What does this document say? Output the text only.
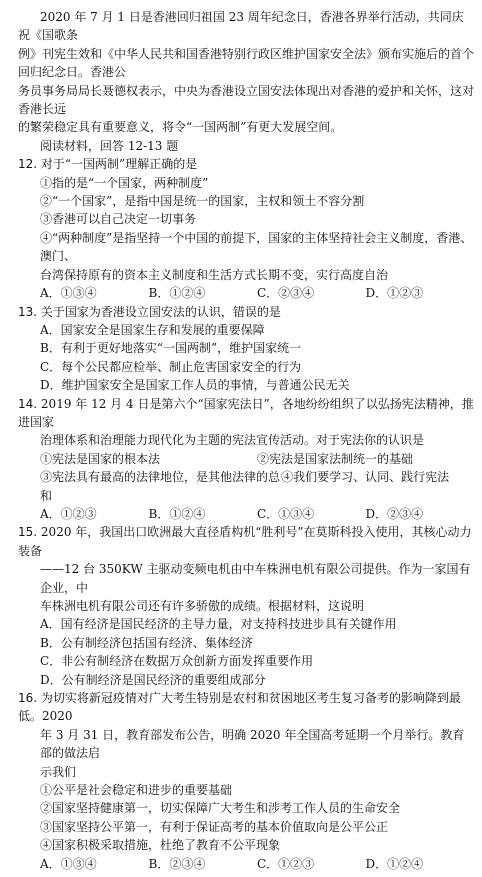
2020 年 7 月 1 日是香港回归祖国 23 周年纪念日，香港各界举行活动，共同庆祝《国歌条

例》刊宪生效和《中华人民共和国香港特别行政区维护国家安全法》颁布实施后的首个回归纪念日。香港公

务员事务局局长聂德权表示，中央为香港设立国安法体现出对香港的爱护和关怀，这对香港长远

的繁荣稳定具有重要意义，将令“一国两制”有更大发展空间。

阅读材料，回答 12-13 题

12. 对于“一国两制”理解正确的是

①指的是“一个国家，两种制度”

②“一个国家”，是指中国是统一的国家，主权和领土不容分割

③香港可以自己决定一切事务

④“两种制度”是指坚持一个中国的前提下，国家的主体坚持社会主义制度，香港、澳门、

台湾保持原有的资本主义制度和生活方式长期不变，实行高度自治

A．①③④	B．①②④	C．②③④	D．①②③

13. 关于国家为香港设立国安法的认识，错误的是

A．国家安全是国家生存和发展的重要保障

B．有利于更好地落实“一国两制”，维护国家统一

C．每个公民都应检举、制止危害国家安全的行为

D．维护国家安全是国家工作人员的事情，与普通公民无关

14. 2019 年 12 月 4 日是第六个“国家宪法日”，各地纷纷组织了以弘扬宪法精神，推进国家

治理体系和治理能力现代化为主题的宪法宣传活动。对于宪法你的认识是

①宪法是国家的根本法	②宪法是国家法制统一的基础
③宪法具有最高的法律地位，是其他法律的总和
④我们要学习、认同、践行宪法
A．①②③	B．①②④	C．①③④	D．②③④

15. 2020 年，我国出口欧洲最大直径盾构机“胜利号”在莫斯科投入使用，其核心动力装备

——12 台 350KW 主驱动变频电机由中车株洲电机有限公司提供。作为一家国有企业，中

车株洲电机有限公司还有许多骄傲的成绩。根据材料，这说明

A．国有经济是国民经济的主导力量，对支持科技进步具有关键作用

B．公有制经济包括国有经济、集体经济

C．非公有制经济在数据万众创新方面发挥重要作用

D．公有制经济是国民经济的重要组成部分

16. 为切实将新冠疫情对广大考生特别是农村和贫困地区考生复习备考的影响降到最低。2020

年 3 月 31 日，教育部发布公告，明确 2020 年全国高考延期一个月举行。教育部的做法启

示我们

①公平是社会稳定和进步的重要基础

②国家坚持健康第一，切实保障广大考生和涉考工作人员的生命安全

③国家坚持公平第一，有利于保证高考的基本价值取向是公平公正

④国家积极采取措施，杜绝了教育不公平现象

A．①③④	B．②③④	C．①②③	D．①②④
